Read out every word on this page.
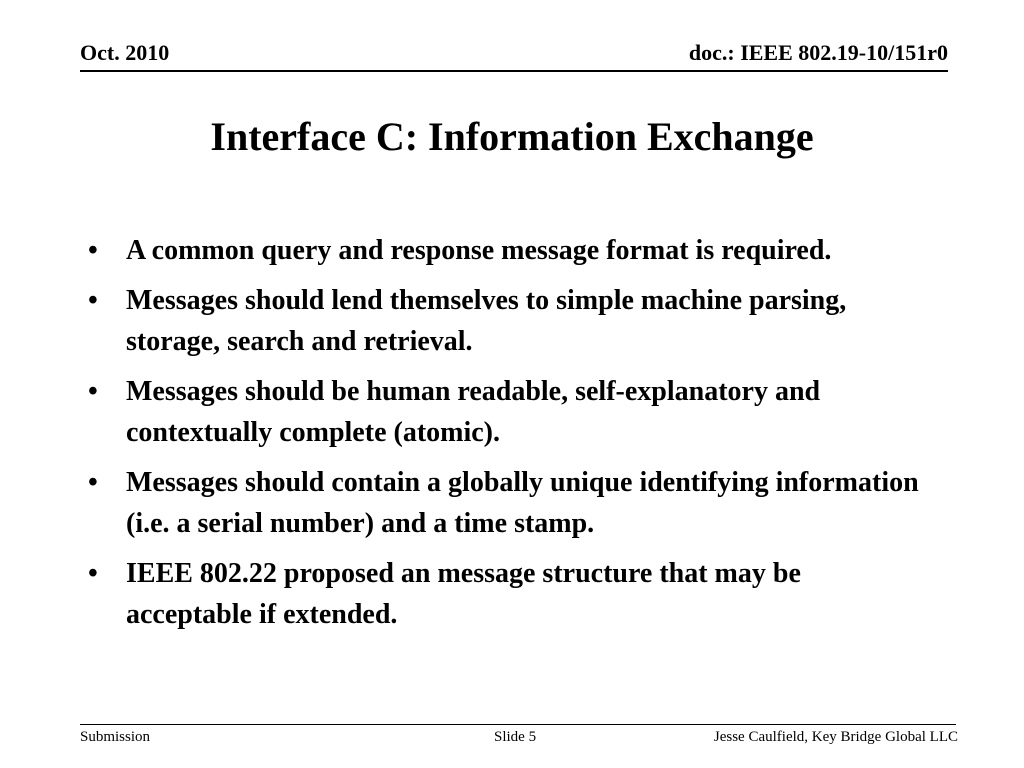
Oct. 2010	doc.: IEEE 802.19-10/151r0
Interface C: Information Exchange
• A common query and response message format is required.
• Messages should lend themselves to simple machine parsing, storage, search and retrieval.
• Messages should be human readable, self-explanatory and contextually complete (atomic).
• Messages should contain a globally unique identifying information (i.e. a serial number) and a time stamp.
• IEEE 802.22 proposed an message structure that may be acceptable if extended.
Submission	Slide 5	Jesse Caulfield, Key Bridge Global LLC
